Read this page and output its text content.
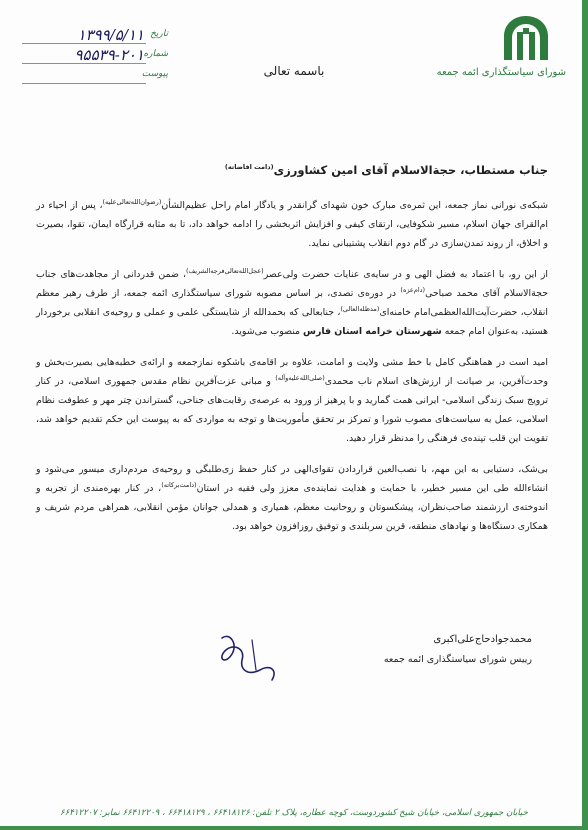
شورای سیاستگذاری ائمه جمعه
تاریخ
۱۳۹۹/۵/۱۱
شماره
۹۵۵۳۹-۲۰۱
پیوست	باسمه تعالی

جناب مستطاب، حجةالاسلام آقای امین کشاورزی$^{(دامت افاضاته)}$

شبکه‌ی نورانی نماز جمعه، این ثمره‌ی مبارک خون شهدای گرانقدر و یادگار امام راحل عظیم‌الشأن$^{(رضوان‌الله‌تعالی‌علیه)}$، پس از احیاء در ام‌القرای جهان اسلام، مسیر شکوفایی، ارتقای کیفی و افزایش اثربخشی را ادامه خواهد داد، تا به مثابه قرارگاه ایمان، تقوا، بصیرت و اخلاق، از روند تمدن‌سازی در گام دوم انقلاب پشتیبانی نماید.

از این رو، با اعتماد به فضل الهی و در سایه‌ی عنایات حضرت ولی‌عصر$^{(عجل‌الله‌تعالی‌فرجه‌الشریف)}$، ضمن قدردانی از مجاهدت‌های جناب حجةالاسلام آقای محمد صباحی$^{(دام‌عزه)}$ در دوره‌ی تصدی، بر اساس مصوبه شورای سیاستگذاری ائمه جمعه، از طرف رهبر معظم انقلاب، حضرت‌آیت‌الله‌العظمی‌امام خامنه‌ای$^{(مدظله‌العالی)}$، جنابعالی که بحمدالله از شایستگی علمی و عملی و روحیه‌ی انقلابی برخوردار هستید، به‌عنوان امام جمعه شهرستان خرامه استان فارس منصوب می‌شوید.

امید است در هماهنگی کامل با خط مشی ولایت و امامت، علاوه بر اقامه‌ی باشکوه نمازجمعه و ارائه‌ی خطبه‌هایی بصیرت‌بخش و وحدت‌آفرین، بر صیانت از ارزش‌های اسلام ناب محمدی$^{(صلی‌الله‌علیه‌وآله)}$ و مبانی عزت‌آفرین نظام مقدس جمهوری اسلامی، در کنار ترویج سبک زندگی اسلامی- ایرانی همت گمارید و با پرهیز از ورود به عرصه‌ی رقابت‌های جناحی، گستراندن چتر مهر و عطوفت نظام اسلامی، عمل به سیاست‌های مصوب شورا و تمرکز بر تحقق مأموریت‌ها و توجه به مواردی که به پیوست این حکم تقدیم خواهد شد، تقویت این قلب تپنده‌ی فرهنگی را مدنظر قرار دهید.

بی‌شک، دستیابی به این مهم، با نصب‌العین قراردادن تقوای‌الهی در کنار حفظ زی‌طلبگی و روحیه‌ی مردم‌داری میسور می‌شود و انشاءالله طی این مسیر خطیر، با حمایت و هدایت نماینده‌ی معزز ولی فقیه در استان$^{(دامت‌برکاته)}$، در کنار بهره‌مندی از تجربه و اندوخته‌ی ارزشمند صاحب‌نظران، پیشکسوتان و روحانیت معظم، همیاری و همدلی جوانان مؤمن انقلابی، همراهی مردم شریف و همکاری دستگاه‌ها و نهادهای منطقه، قرین سربلندی و توفیق روزافزون خواهد بود.

محمدجوادحاج‌علی‌اکبری
رییس شورای سیاستگذاری ائمه جمعه
خیابان جمهوری اسلامی، خیابان شیخ کشوردوست، کوچه عطاره، پلاک ۲ تلفن: ۶۶۴۱۸۱۲۶ ، ۶۶۴۱۸۱۲۹ ، ۶۶۴۱۲۲۰۹ نمابر: ۶۶۴۱۲۲۰۷
